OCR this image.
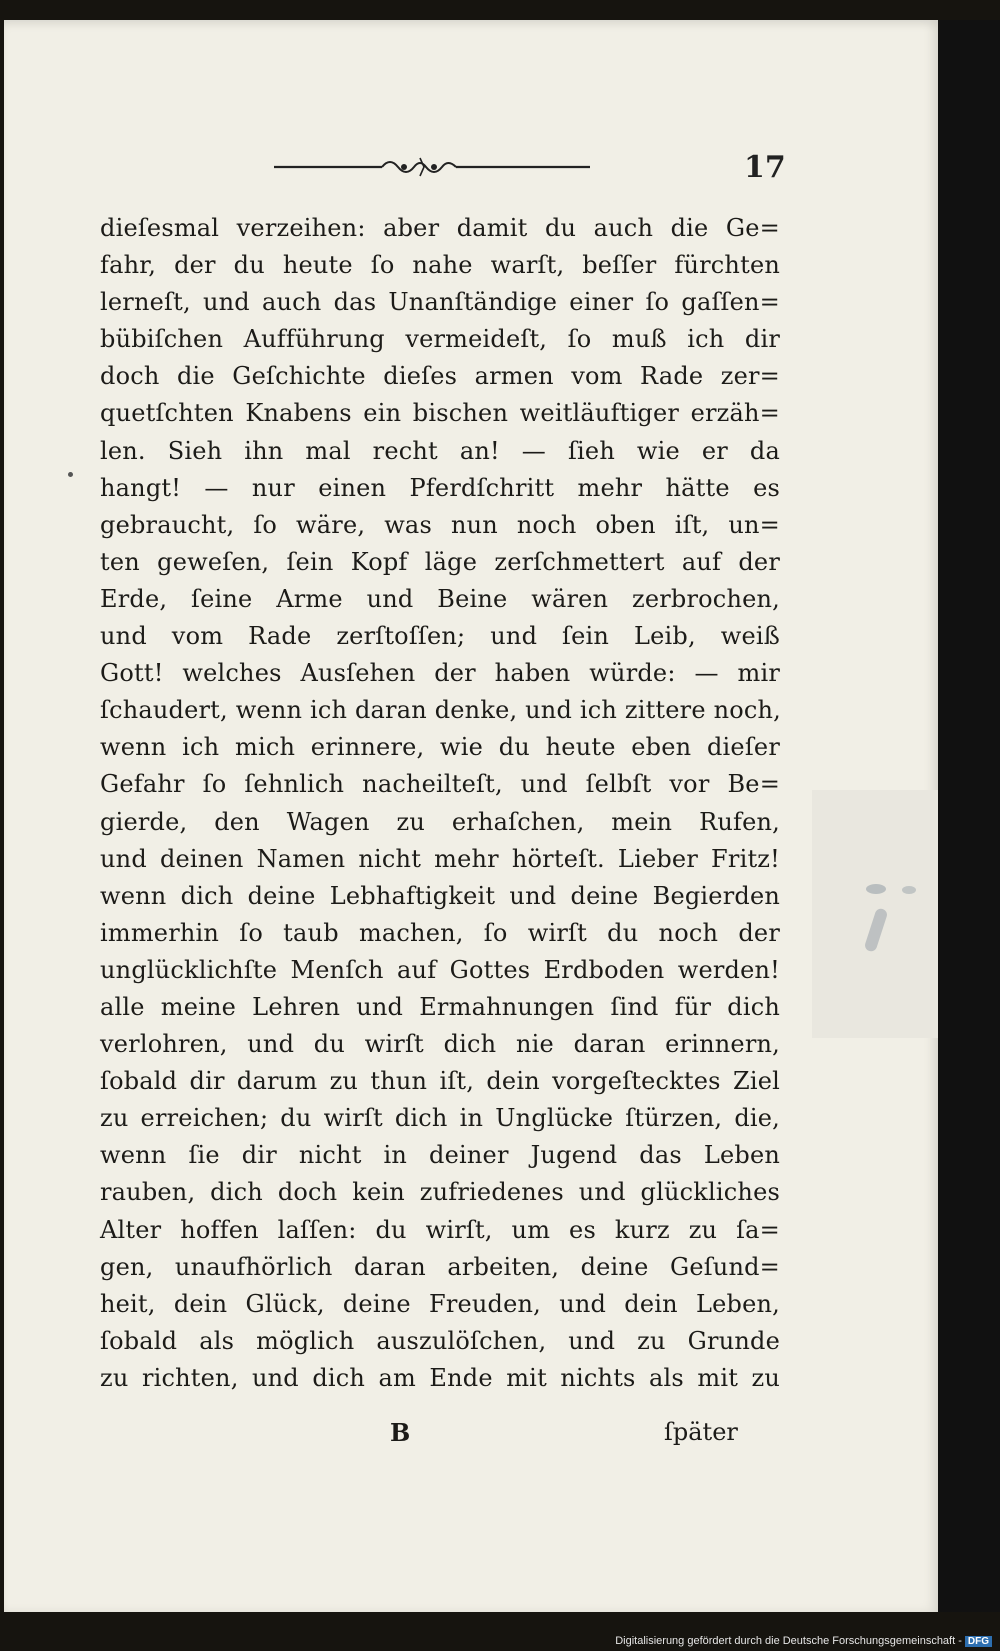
17
dieſesmal verzeihen: aber damit du auch die Ge=
fahr, der du heute ſo nahe warſt, beſſer fürchten
lerneſt, und auch das Unanſtändige einer ſo gaſſen=
bübiſchen Aufführung vermeideſt, ſo muß ich dir
doch die Geſchichte dieſes armen vom Rade zer=
quetſchten Knabens ein bischen weitläuftiger erzäh=
len. Sieh ihn mal recht an! — ſieh wie er da
hangt! — nur einen Pferdſchritt mehr hätte es
gebraucht, ſo wäre, was nun noch oben iſt, un=
ten geweſen, ſein Kopf läge zerſchmettert auf der
Erde, ſeine Arme und Beine wären zerbrochen,
und vom Rade zerſtoſſen; und ſein Leib, weiß
Gott! welches Ausſehen der haben würde: — mir
ſchaudert, wenn ich daran denke, und ich zittere noch,
wenn ich mich erinnere, wie du heute eben dieſer
Gefahr ſo ſehnlich nacheilteſt, und ſelbſt vor Be=
gierde, den Wagen zu erhaſchen, mein Rufen,
und deinen Namen nicht mehr hörteſt. Lieber Fritz!
wenn dich deine Lebhaftigkeit und deine Begierden
immerhin ſo taub machen, ſo wirſt du noch der
unglücklichſte Menſch auf Gottes Erdboden werden!
alle meine Lehren und Ermahnungen ſind für dich
verlohren, und du wirſt dich nie daran erinnern,
ſobald dir darum zu thun iſt, dein vorgeſtecktes Ziel
zu erreichen; du wirſt dich in Unglücke ſtürzen, die,
wenn ſie dir nicht in deiner Jugend das Leben
rauben, dich doch kein zufriedenes und glückliches
Alter hoffen laſſen: du wirſt, um es kurz zu ſa=
gen, unaufhörlich daran arbeiten, deine Geſund=
heit, dein Glück, deine Freuden, und dein Leben,
ſobald als möglich auszulöſchen, und zu Grunde
zu richten, und dich am Ende mit nichts als mit zu
B	ſpäter
Digitalisierung gefördert durch die Deutsche Forschungsgemeinschaft - DFG
